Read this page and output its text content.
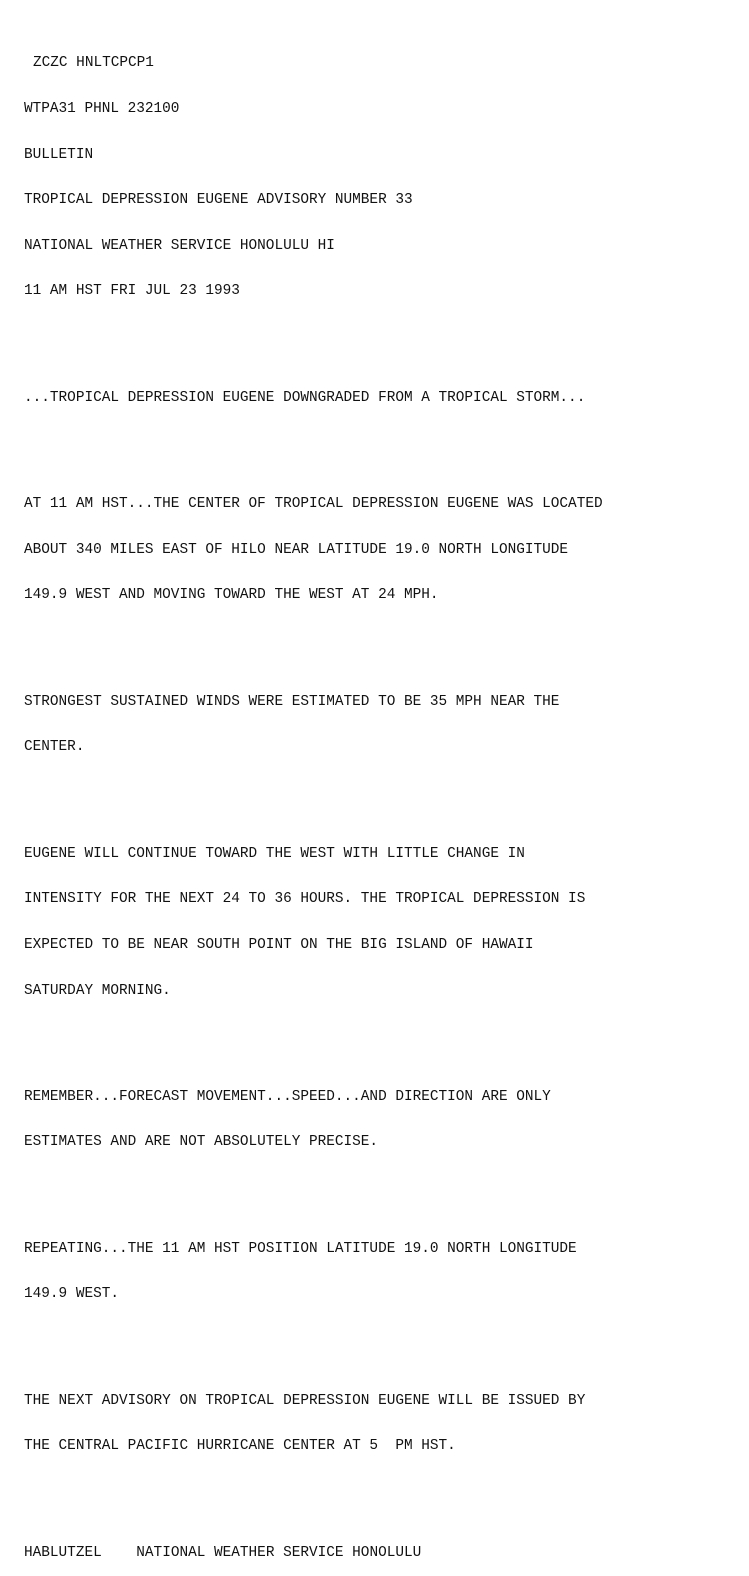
ZCZC HNLTCPCP1

WTPA31 PHNL 232100

BULLETIN

TROPICAL DEPRESSION EUGENE ADVISORY NUMBER 33

NATIONAL WEATHER SERVICE HONOLULU HI

11 AM HST FRI JUL 23 1993

...TROPICAL DEPRESSION EUGENE DOWNGRADED FROM A TROPICAL STORM...

AT 11 AM HST...THE CENTER OF TROPICAL DEPRESSION EUGENE WAS LOCATED

ABOUT 340 MILES EAST OF HILO NEAR LATITUDE 19.0 NORTH LONGITUDE

149.9 WEST AND MOVING TOWARD THE WEST AT 24 MPH.

STRONGEST SUSTAINED WINDS WERE ESTIMATED TO BE 35 MPH NEAR THE

CENTER.

EUGENE WILL CONTINUE TOWARD THE WEST WITH LITTLE CHANGE IN

INTENSITY FOR THE NEXT 24 TO 36 HOURS. THE TROPICAL DEPRESSION IS

EXPECTED TO BE NEAR SOUTH POINT ON THE BIG ISLAND OF HAWAII

SATURDAY MORNING.

REMEMBER...FORECAST MOVEMENT...SPEED...AND DIRECTION ARE ONLY

ESTIMATES AND ARE NOT ABSOLUTELY PRECISE.

REPEATING...THE 11 AM HST POSITION LATITUDE 19.0 NORTH LONGITUDE

149.9 WEST.

THE NEXT ADVISORY ON TROPICAL DEPRESSION EUGENE WILL BE ISSUED BY

THE CENTRAL PACIFIC HURRICANE CENTER AT 5  PM HST.

HABLUTZEL NATIONAL WEATHER SERVICE HONOLULU
